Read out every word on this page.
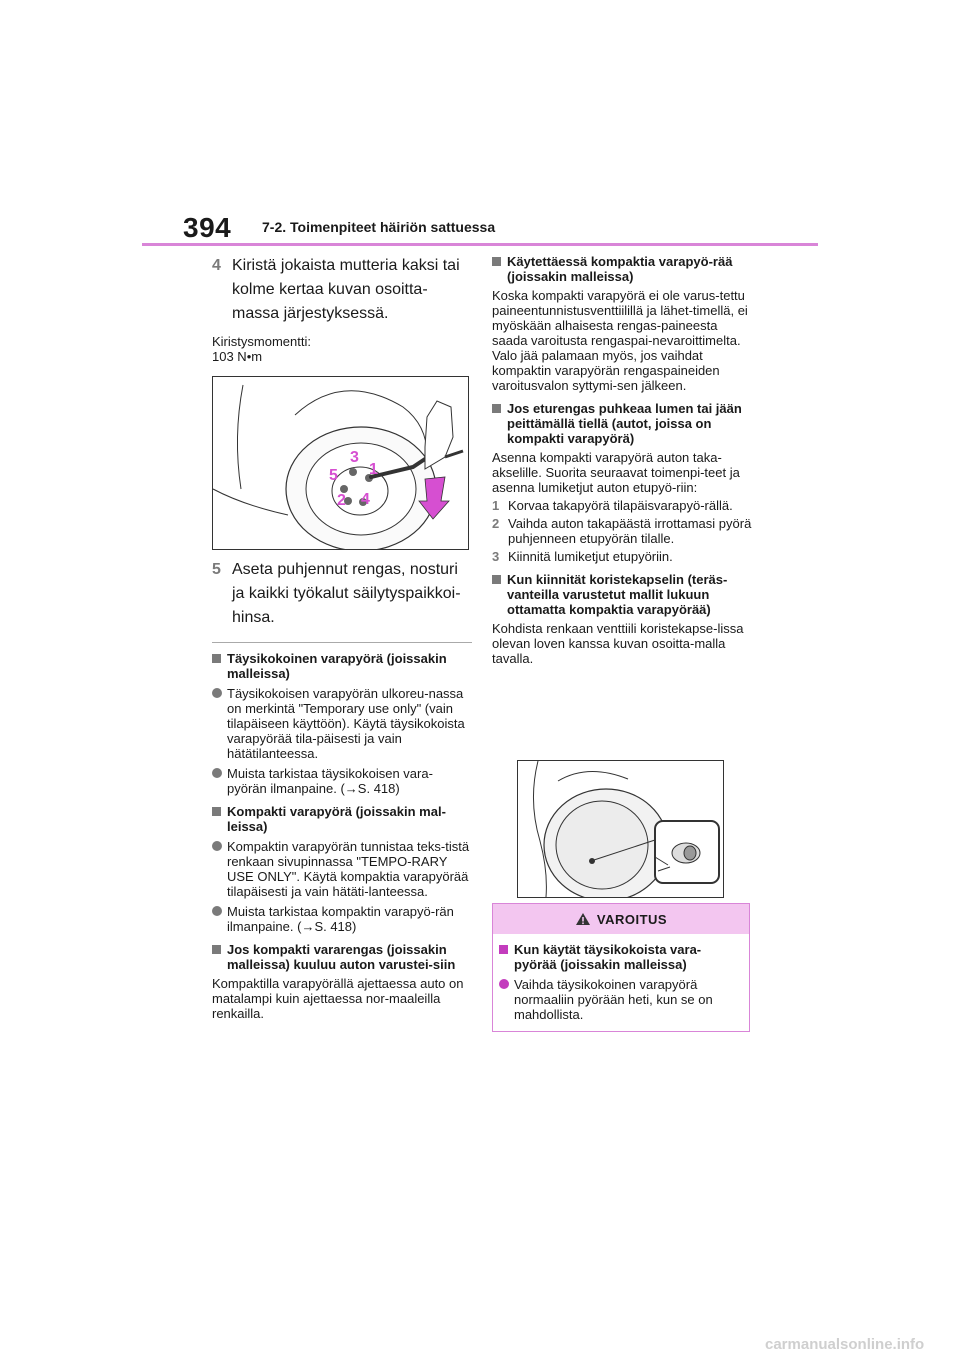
394 7-2. Toimenpiteet häiriön sattuessa
4 Kiristä jokaista mutteria kaksi tai kolme kertaa kuvan osoitta-massa järjestyksessä.
Kiristysmomentti:
103 N•m
3
1
5
2 4
5 Aseta puhjennut rengas, nosturi ja kaikki työkalut säilytyspaikkoi-hinsa.
Täysikokoinen varapyörä (joissakin malleissa)
Täysikokoisen varapyörän ulkoreu-nassa on merkintä "Temporary use only" (vain tilapäiseen käyttöön). Käytä täysikokoista varapyörää tila-päisesti ja vain hätätilanteessa.
Muista tarkistaa täysikokoisen vara-pyörän ilmanpaine. (→S. 418)
Kompakti varapyörä (joissakin mal-leissa)
Kompaktin varapyörän tunnistaa teks-tistä renkaan sivupinnassa "TEMPO-RARY USE ONLY". Käytä kompaktia varapyörää tilapäisesti ja vain hätäti-lanteessa.
Muista tarkistaa kompaktin varapyö-rän ilmanpaine. (→S. 418)
Jos kompakti vararengas (joissakin malleissa) kuuluu auton varustei-siin
Kompaktilla varapyörällä ajettaessa auto on matalampi kuin ajettaessa nor-maaleilla renkailla.
Käytettäessä kompaktia varapyö-rää (joissakin malleissa)
Koska kompakti varapyörä ei ole varus-tettu paineentunnistusventtiilillä ja lähet-timellä, ei myöskään alhaisesta rengas-paineesta saada varoitusta rengaspai-nevaroittimelta. Valo jää palamaan myös, jos vaihdat kompaktin varapyörän rengaspaineiden varoitusvalon syttymi-sen jälkeen.
Jos eturengas puhkeaa lumen tai jään peittämällä tiellä (autot, joissa on kompakti varapyörä)
Asenna kompakti varapyörä auton taka-akselille. Suorita seuraavat toimenpi-teet ja asenna lumiketjut auton etupyö-riin:
1 Korvaa takapyörä tilapäisvarapyö-rällä.
2 Vaihda auton takapäästä irrottamasi pyörä puhjenneen etupyörän tilalle.
3 Kiinnitä lumiketjut etupyöriin.
Kun kiinnität koristekapselin (teräs-vanteilla varustetut mallit lukuun ottamatta kompaktia varapyörää)
Kohdista renkaan venttiili koristekapse-lissa olevan loven kanssa kuvan osoitta-malla tavalla.
VAROITUS
Kun käytät täysikokoista vara-pyörää (joissakin malleissa)
Vaihda täysikokoinen varapyörä normaaliin pyörään heti, kun se on mahdollista.
carmanualsonline.info
